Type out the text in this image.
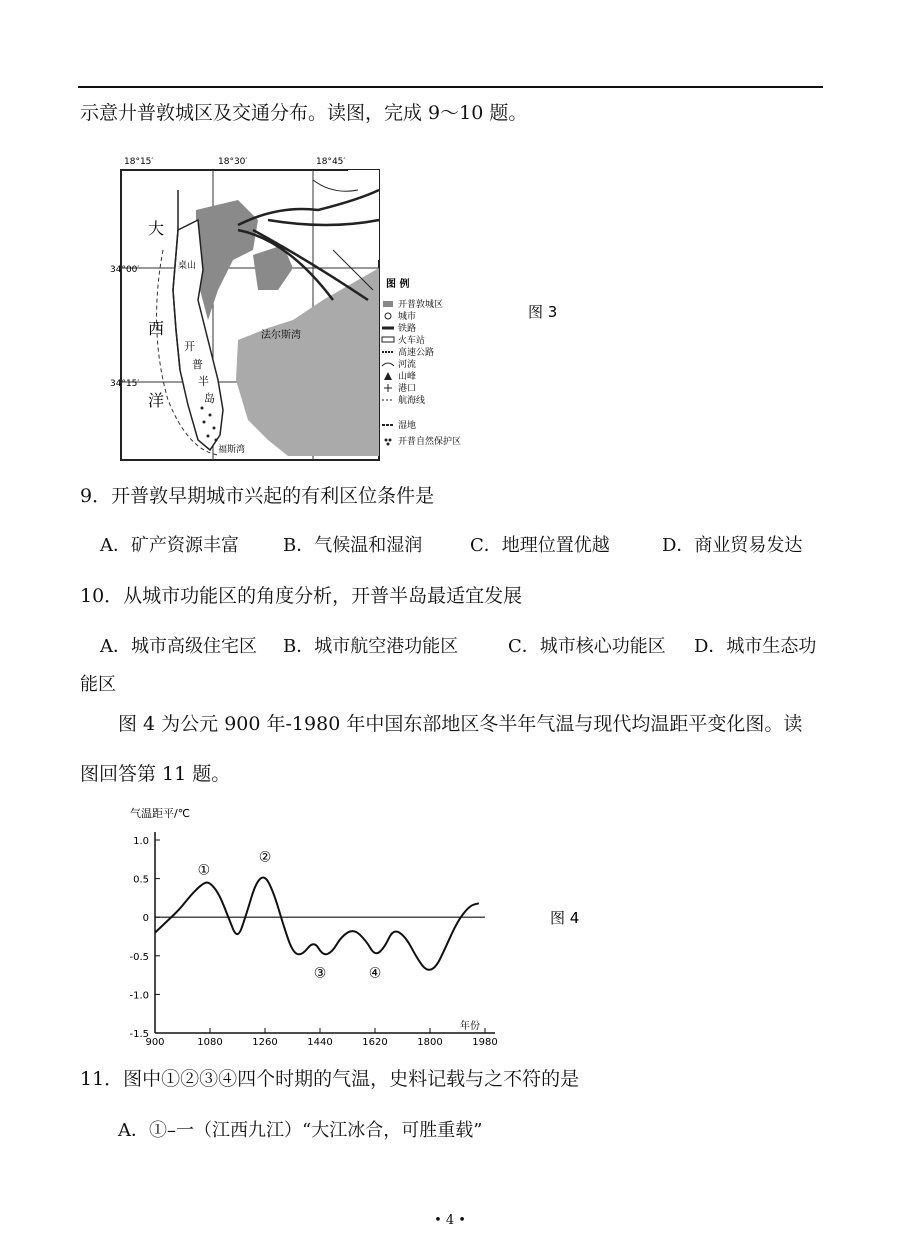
示意廾普敦城区及交通分布。读图，完成 9～10 题。
18°15′	18°30′	18°45′
34°00′
34°15′
大
西
洋
开
普
半
岛
桌山
福斯湾
法尔斯湾
图 例
开普敦城区
城市
铁路
火车站
高速公路
河流
山峰
港口
航海线
湿地
开普自然保护区
图 3
9．开普敦早期城市兴起的有利区位条件是
A．矿产资源丰富 B．气候温和湿润	C．地理位置优越	D．商业贸易发达
10．从城市功能区的角度分析，开普半岛最适宜发展
A．城市高级住宅区 B．城市航空港功能区	C．城市核心功能区 D．城市生态功
能区
图 4 为公元 900 年-1980 年中国东部地区冬半年气温与现代均温距平变化图。读
图回答第 11 题。
1.0
0.5
0
-0.5
-1.0
-1.5
900	1080	1260	1440	1620	1800	1980
①
②
③	④
气温距平/℃
年份
图 4
11．图中①②③④四个时期的气温，史料记载与之不符的是
A．①–一（江西九江）“大江冰合，可胜重载”
• 4 •
